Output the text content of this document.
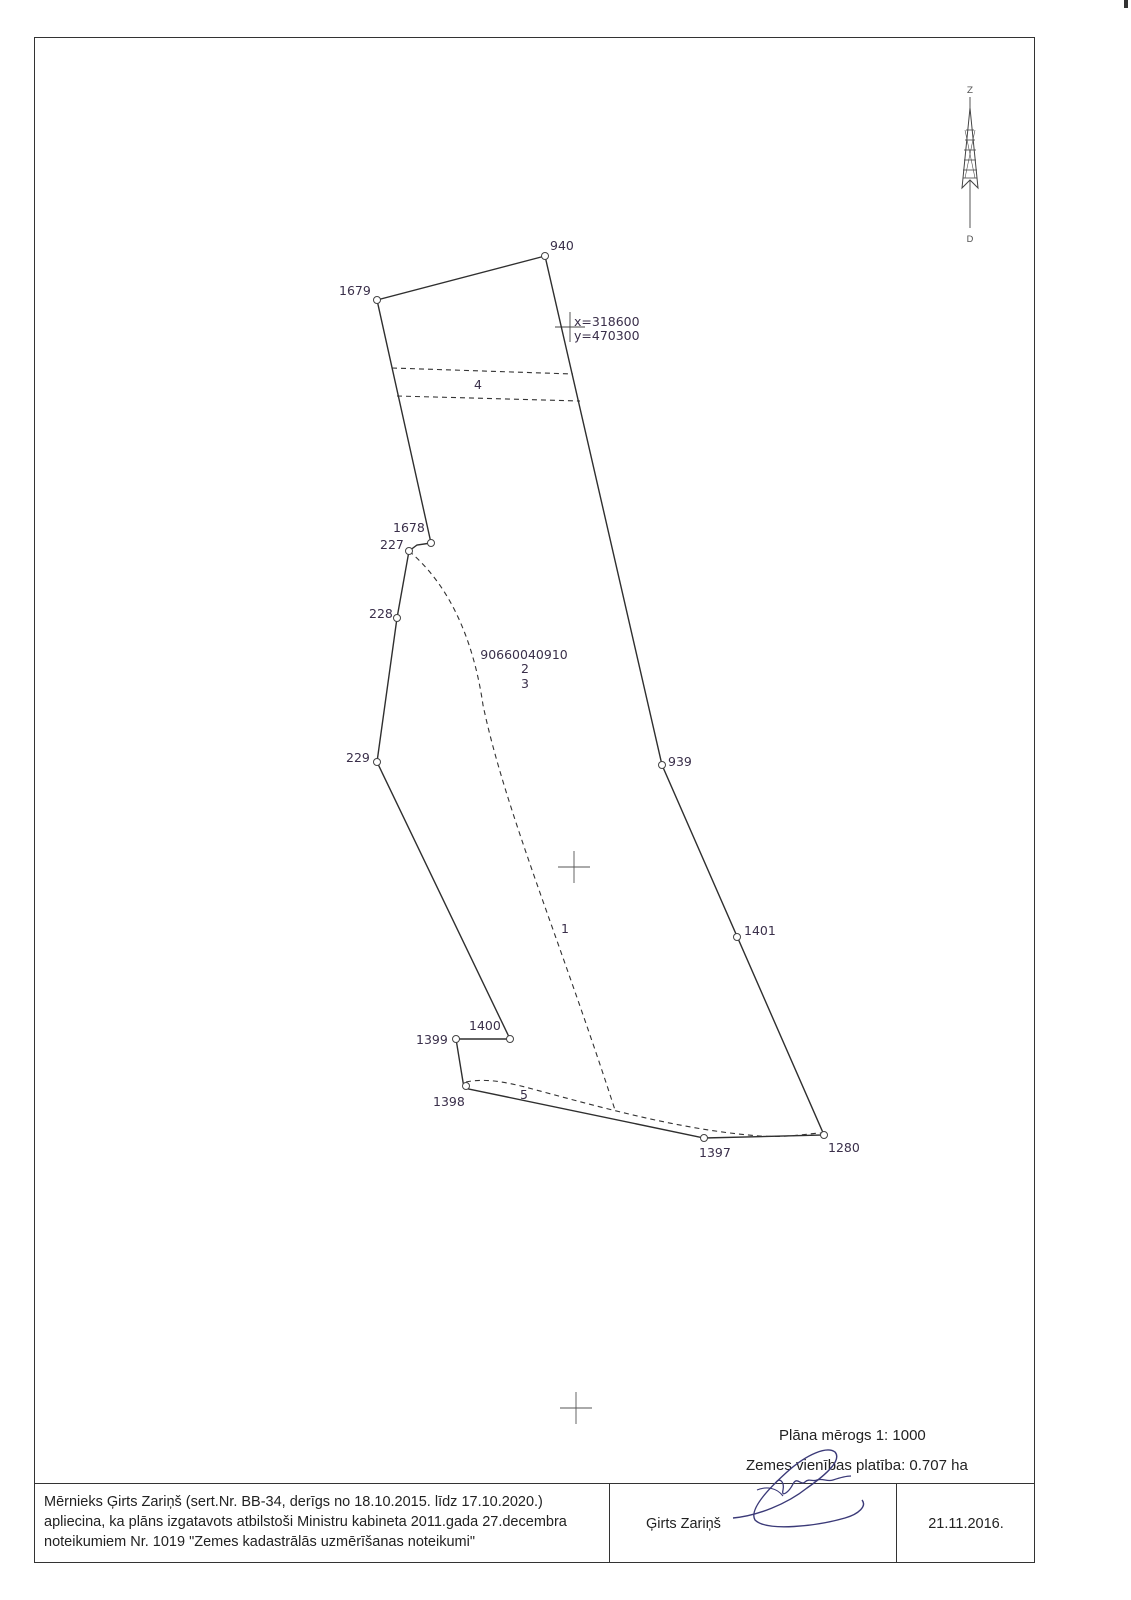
Z
D
x=318600
y=470300
940
1679
1678
227
228
229	939
1401
1400
1399
1398
1397	1280
90660040910
4
2
3
1
5
Plāna mērogs 1: 1000
Zemes vienības platība: 0.707 ha
Mērnieks Ģirts Zariņš (sert.Nr. BB-34, derīgs no 18.10.2015. līdz 17.10.2020.)
apliecina, ka plāns izgatavots atbilstoši Ministru kabineta 2011.gada 27.decembra
noteikumiem Nr. 1019 "Zemes kadastrālās uzmērīšanas noteikumi"
Ģirts Zariņš	21.11.2016.
